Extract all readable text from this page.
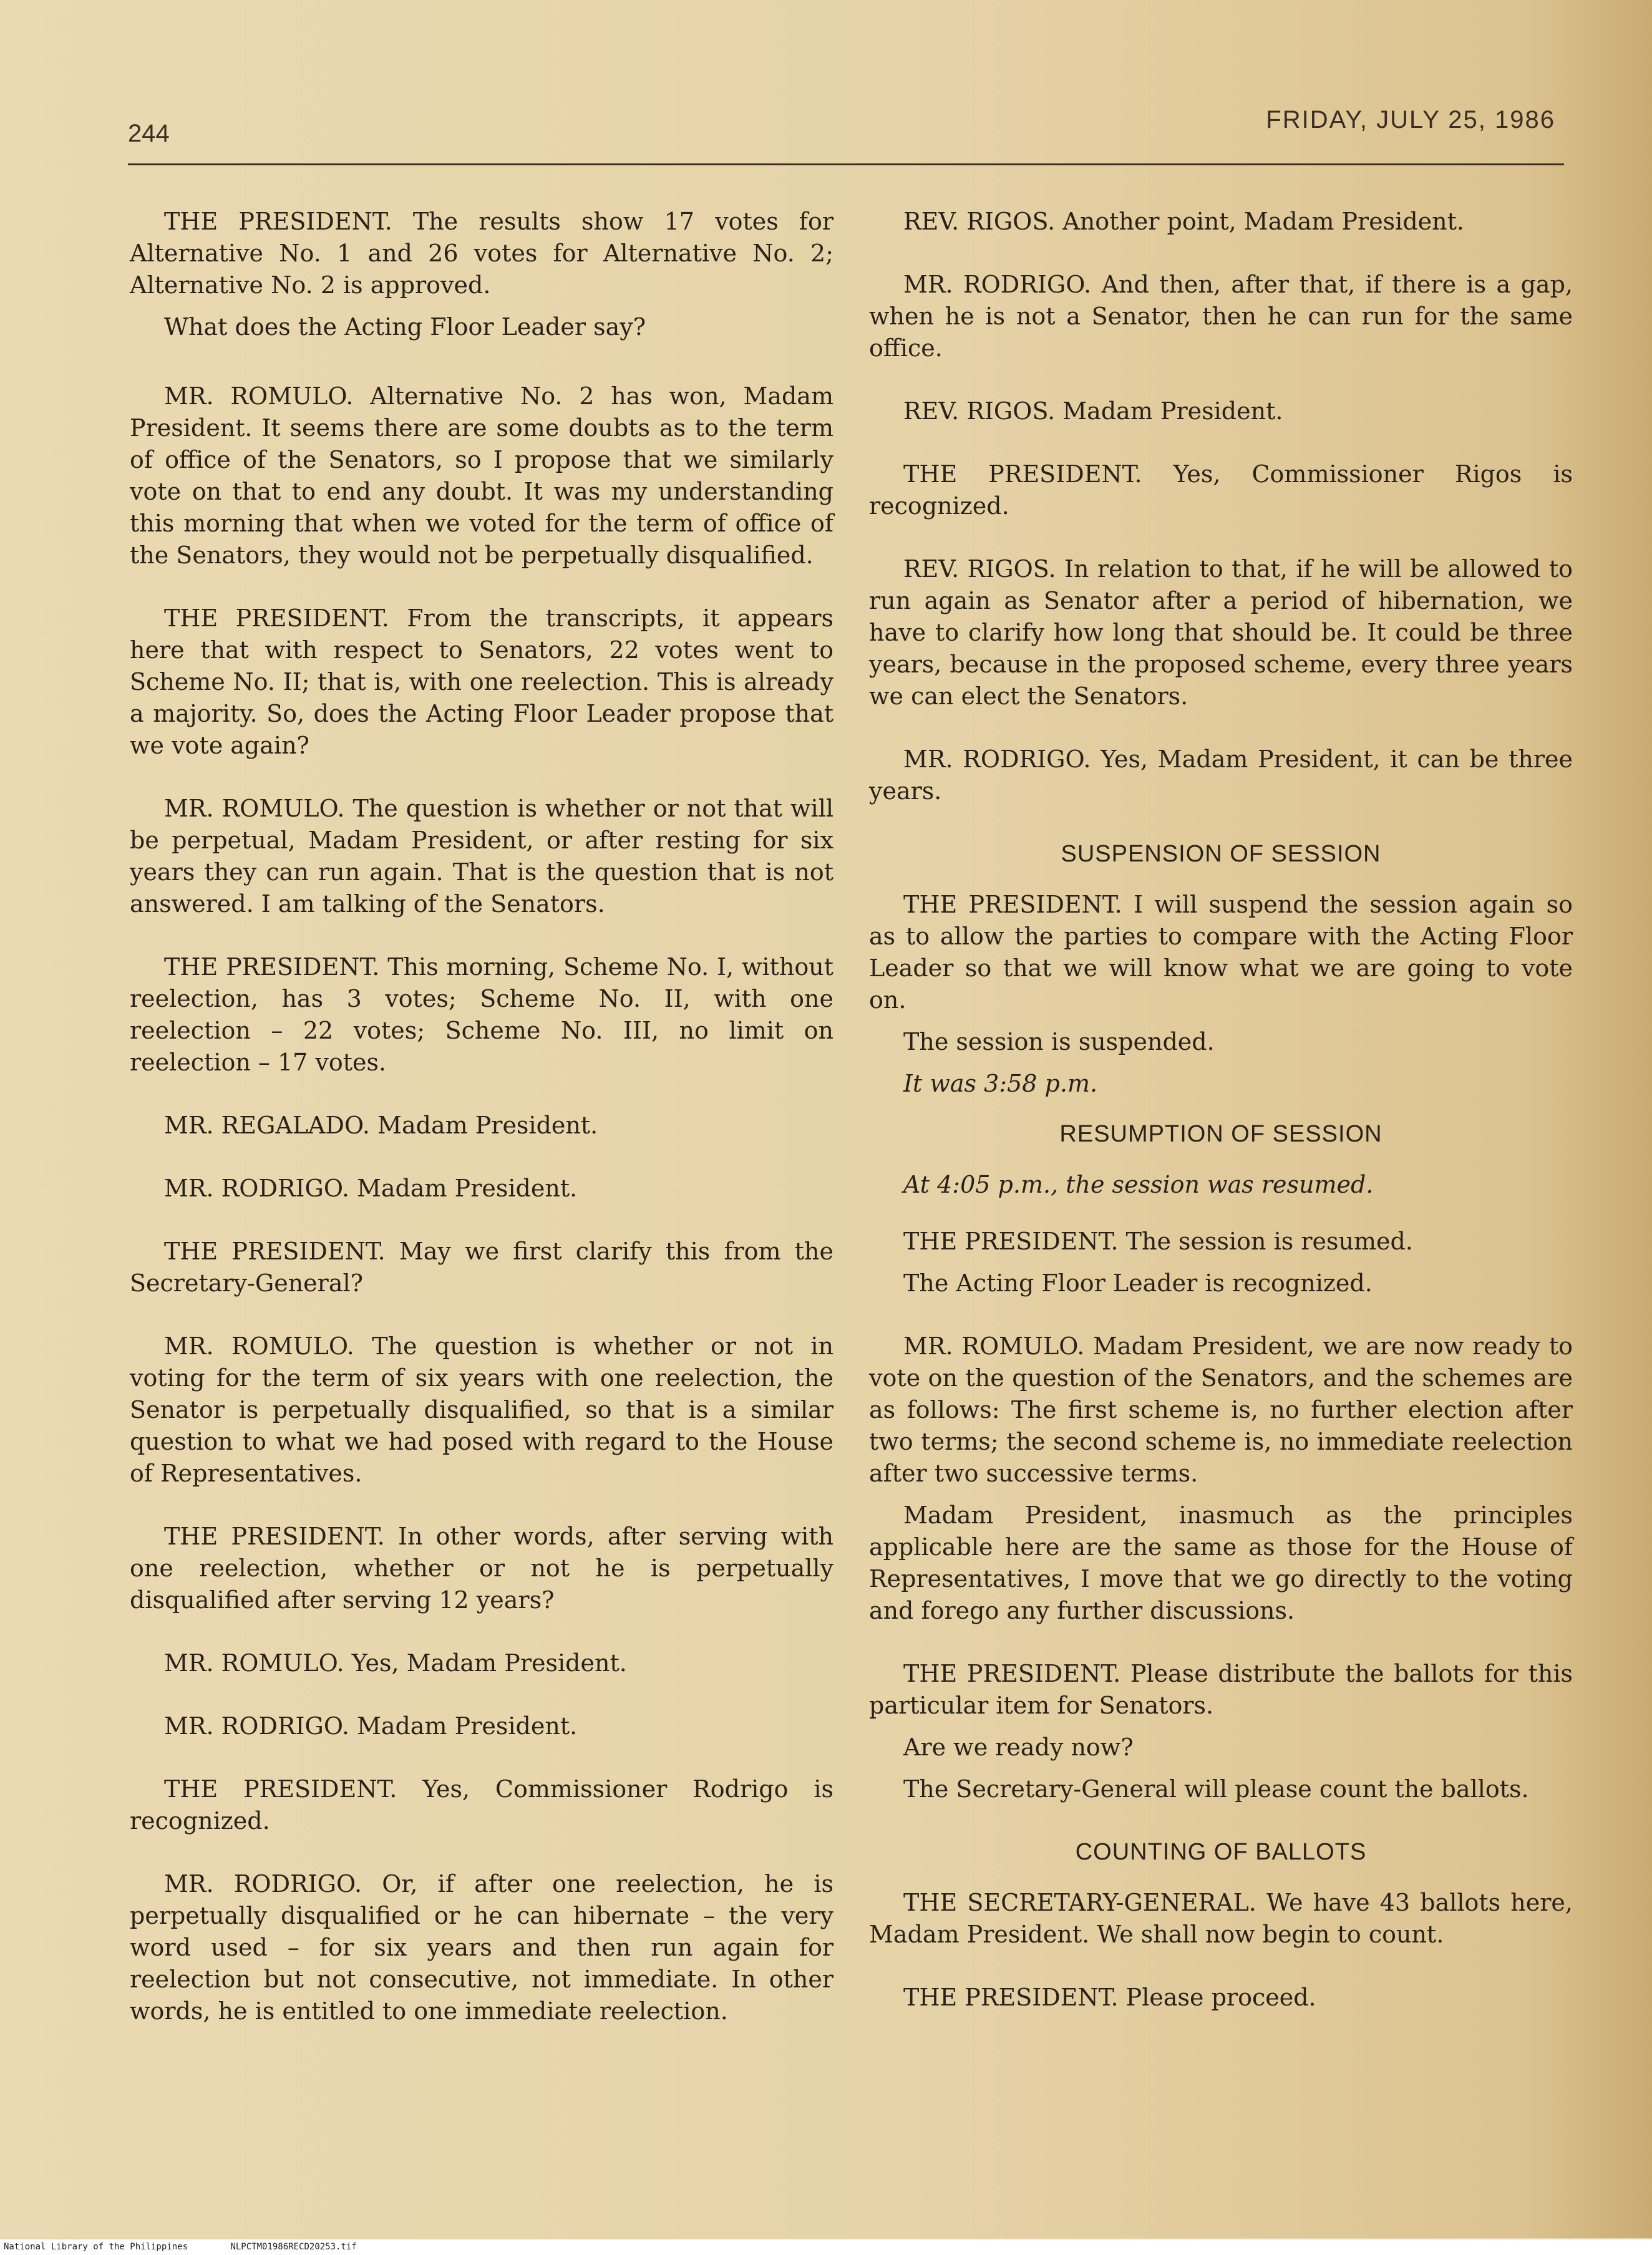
244	FRIDAY, JULY 25, 1986

THE PRESIDENT. The results show 17 votes for Alternative No. 1 and 26 votes for Alternative No. 2; Alternative No. 2 is approved.

What does the Acting Floor Leader say?

MR. ROMULO. Alternative No. 2 has won, Madam President. It seems there are some doubts as to the term of office of the Senators, so I propose that we similarly vote on that to end any doubt. It was my understanding this morning that when we voted for the term of office of the Senators, they would not be perpetually disqualified.

THE PRESIDENT. From the transcripts, it appears here that with respect to Senators, 22 votes went to Scheme No. II; that is, with one reelection. This is already a majority. So, does the Acting Floor Leader propose that we vote again?

MR. ROMULO. The question is whether or not that will be perpetual, Madam President, or after resting for six years they can run again. That is the question that is not answered. I am talking of the Senators.

THE PRESIDENT. This morning, Scheme No. I, without reelection, has 3 votes; Scheme No. II, with one reelection – 22 votes; Scheme No. III, no limit on reelection – 17 votes.

MR. REGALADO. Madam President.

MR. RODRIGO. Madam President.

THE PRESIDENT. May we first clarify this from the Secretary-General?

MR. ROMULO. The question is whether or not in voting for the term of six years with one reelection, the Senator is perpetually disqualified, so that is a similar question to what we had posed with regard to the House of Representatives.

THE PRESIDENT. In other words, after serving with one reelection, whether or not he is perpetually disqualified after serving 12 years?

MR. ROMULO. Yes, Madam President.

MR. RODRIGO. Madam President.

THE PRESIDENT. Yes, Commissioner Rodrigo is recognized.

MR. RODRIGO. Or, if after one reelection, he is perpetually disqualified or he can hibernate – the very word used – for six years and then run again for reelection but not consecutive, not immediate. In other words, he is entitled to one immediate reelection.

REV. RIGOS. Another point, Madam President.

MR. RODRIGO. And then, after that, if there is a gap, when he is not a Senator, then he can run for the same office.

REV. RIGOS. Madam President.

THE PRESIDENT. Yes, Commissioner Rigos is recognized.

REV. RIGOS. In relation to that, if he will be allowed to run again as Senator after a period of hibernation, we have to clarify how long that should be. It could be three years, because in the proposed scheme, every three years we can elect the Senators.

MR. RODRIGO. Yes, Madam President, it can be three years.

SUSPENSION OF SESSION

THE PRESIDENT. I will suspend the session again so as to allow the parties to compare with the Acting Floor Leader so that we will know what we are going to vote on.

The session is suspended.

It was 3:58 p.m.

RESUMPTION OF SESSION

At 4:05 p.m., the session was resumed.

THE PRESIDENT. The session is resumed.

The Acting Floor Leader is recognized.

MR. ROMULO. Madam President, we are now ready to vote on the question of the Senators, and the schemes are as follows: The first scheme is, no further election after two terms; the second scheme is, no immediate reelection after two successive terms.

Madam President, inasmuch as the principles applicable here are the same as those for the House of Representatives, I move that we go directly to the voting and forego any further discussions.

THE PRESIDENT. Please distribute the ballots for this particular item for Senators.

Are we ready now?

The Secretary-General will please count the ballots.

COUNTING OF BALLOTS

THE SECRETARY-GENERAL. We have 43 ballots here, Madam President. We shall now begin to count.

THE PRESIDENT. Please proceed.

National Library of the Philippines	NLPCTM01986RECD20253.tif
